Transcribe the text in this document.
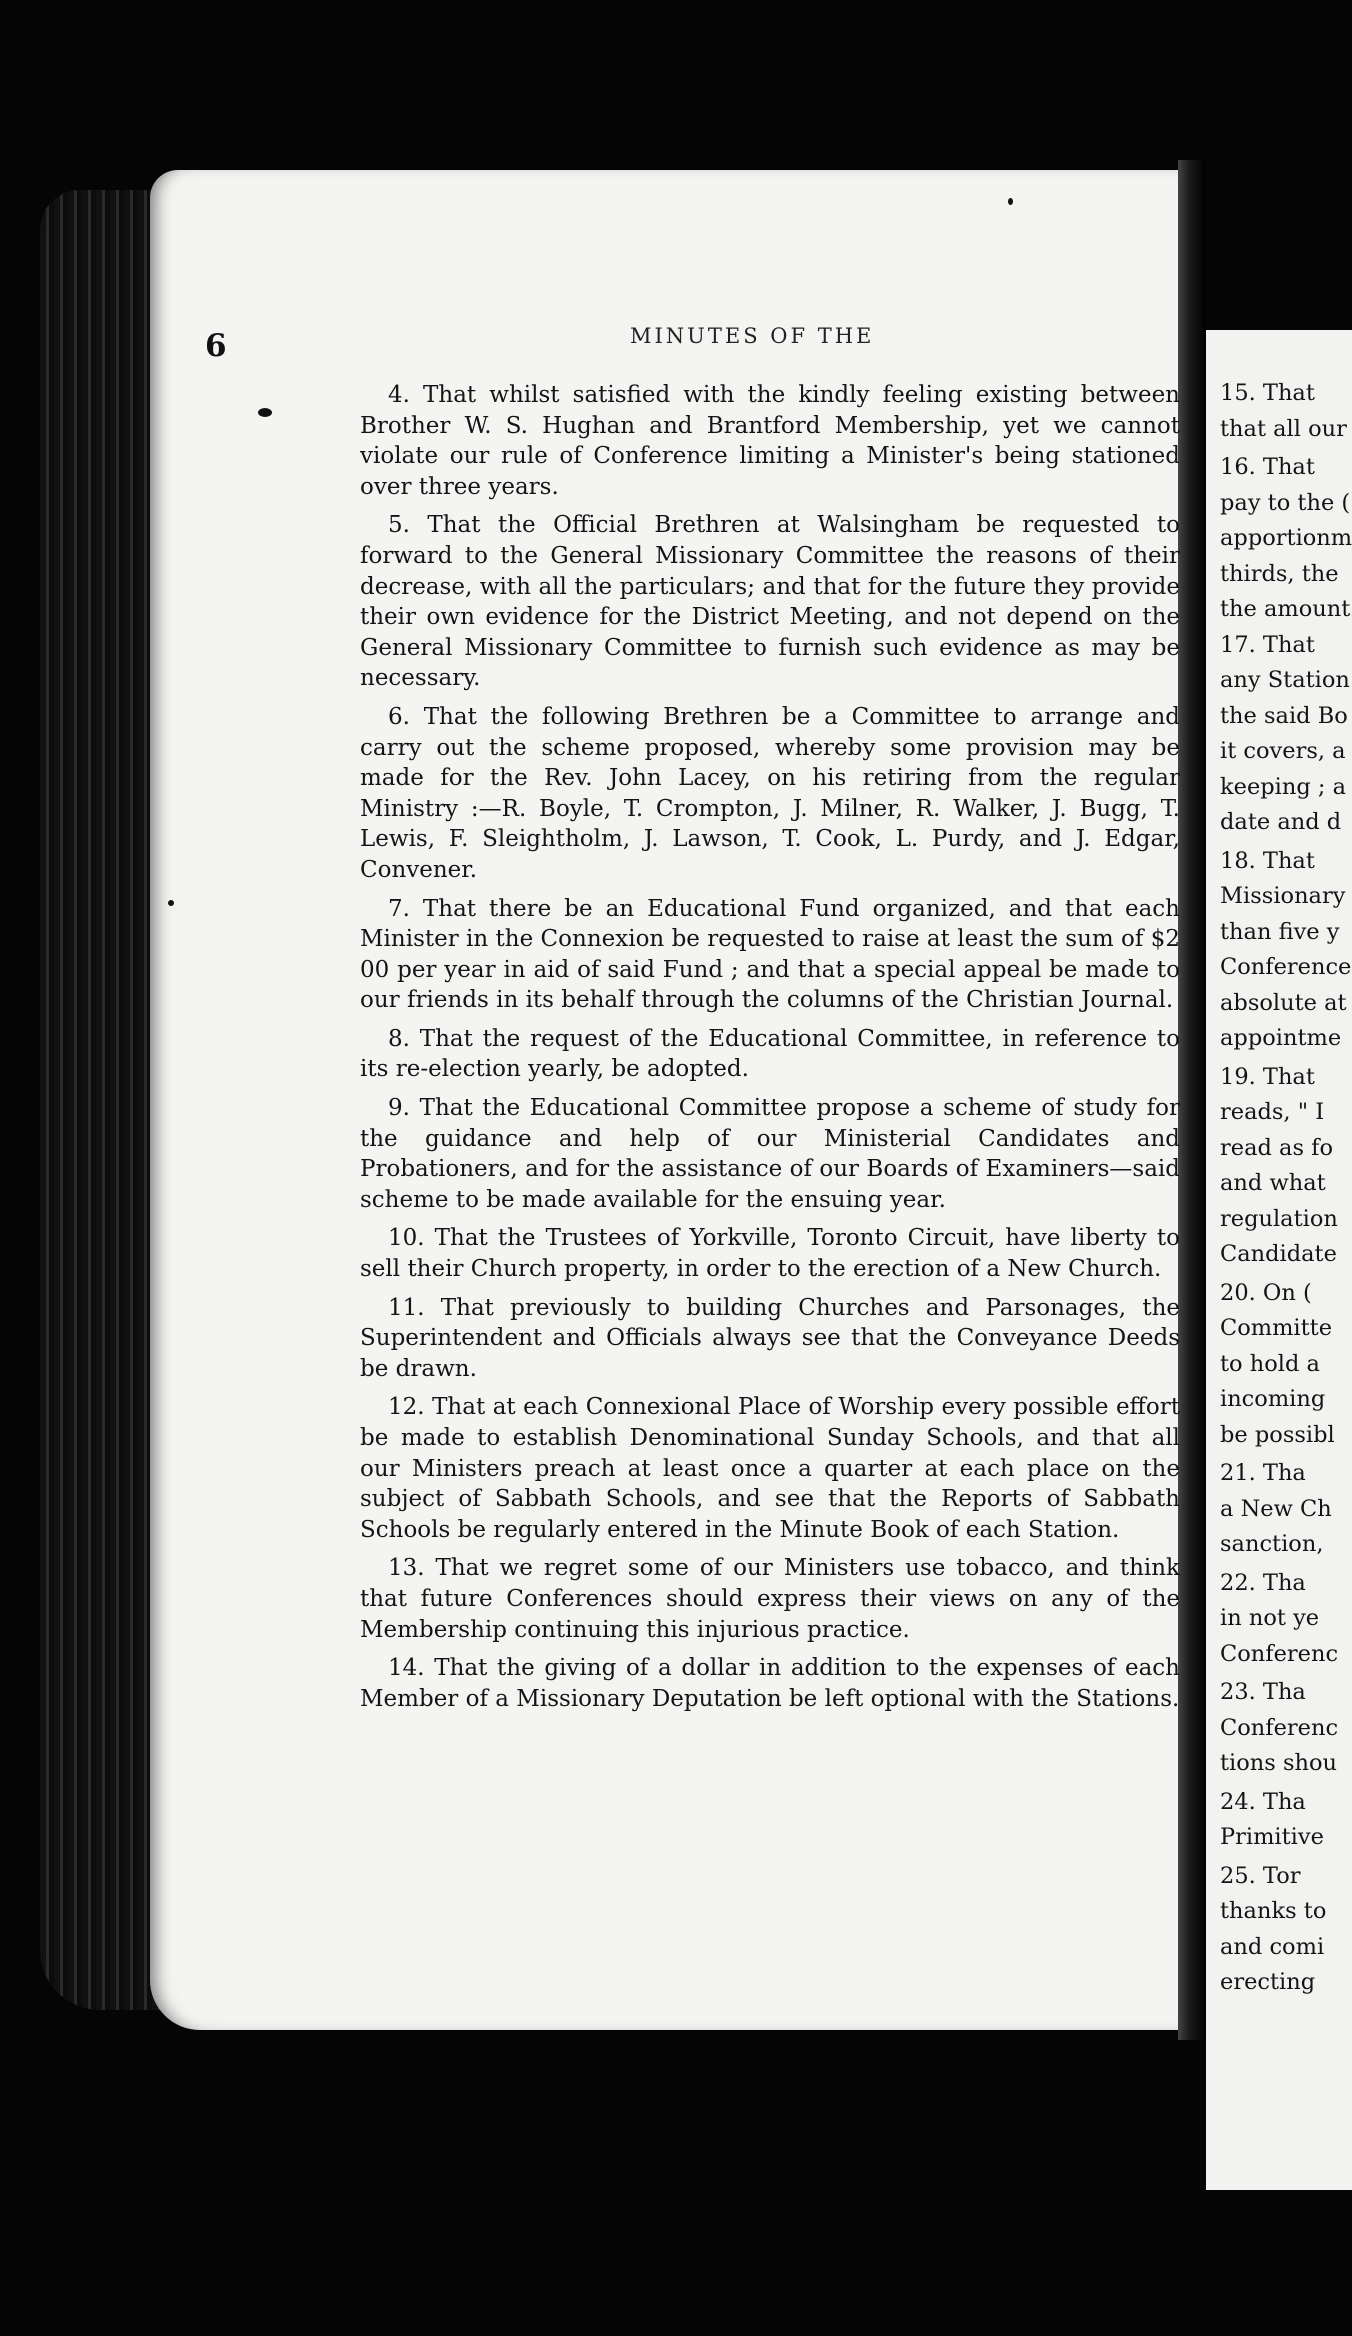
15. That
that all our
16. That
pay to the (
apportionm
thirds, the
the amount
17. That
any Station
the said Bo
it covers, a
keeping ; a
date and d
18. That
Missionary
than five y
Conference
absolute at
appointme
19. That
reads, " I
read as fo
and what
regulation
Candidate
20. On (
Committe
to hold a
incoming
be possibl
21. Tha
a New Ch
sanction,
22. Tha
in not ye
Conferenc
23. Tha
Conferenc
tions shou
24. Tha
Primitive
25. Tor
thanks to
and comi
erecting
6	MINUTES OF THE

4. That whilst satisfied with the kindly feeling existing between Brother W. S. Hughan and Brantford Membership, yet we cannot violate our rule of Conference limiting a Minister's being stationed over three years.

5. That the Official Brethren at Walsingham be requested to forward to the General Missionary Committee the reasons of their decrease, with all the particulars; and that for the future they provide their own evidence for the District Meeting, and not depend on the General Missionary Committee to furnish such evidence as may be necessary.

6. That the following Brethren be a Committee to arrange and carry out the scheme proposed, whereby some provision may be made for the Rev. John Lacey, on his retiring from the regular Ministry :—R. Boyle, T. Crompton, J. Milner, R. Walker, J. Bugg, T. Lewis, F. Sleightholm, J. Lawson, T. Cook, L. Purdy, and J. Edgar, Convener.

7. That there be an Educational Fund organized, and that each Minister in the Connexion be requested to raise at least the sum of $2 00 per year in aid of said Fund ; and that a special appeal be made to our friends in its behalf through the columns of the Christian Journal.

8. That the request of the Educational Committee, in reference to its re-election yearly, be adopted.

9. That the Educational Committee propose a scheme of study for the guidance and help of our Ministerial Candidates and Probationers, and for the assistance of our Boards of Examiners—said scheme to be made available for the ensuing year.

10. That the Trustees of Yorkville, Toronto Circuit, have liberty to sell their Church property, in order to the erection of a New Church.

11. That previously to building Churches and Parsonages, the Superintendent and Officials always see that the Conveyance Deeds be drawn.

12. That at each Connexional Place of Worship every possible effort be made to establish Denominational Sunday Schools, and that all our Ministers preach at least once a quarter at each place on the subject of Sabbath Schools, and see that the Reports of Sabbath Schools be regularly entered in the Minute Book of each Station.

13. That we regret some of our Ministers use tobacco, and think that future Conferences should express their views on any of the Membership continuing this injurious practice.

14. That the giving of a dollar in addition to the expenses of each Member of a Missionary Deputation be left optional with the Stations.
